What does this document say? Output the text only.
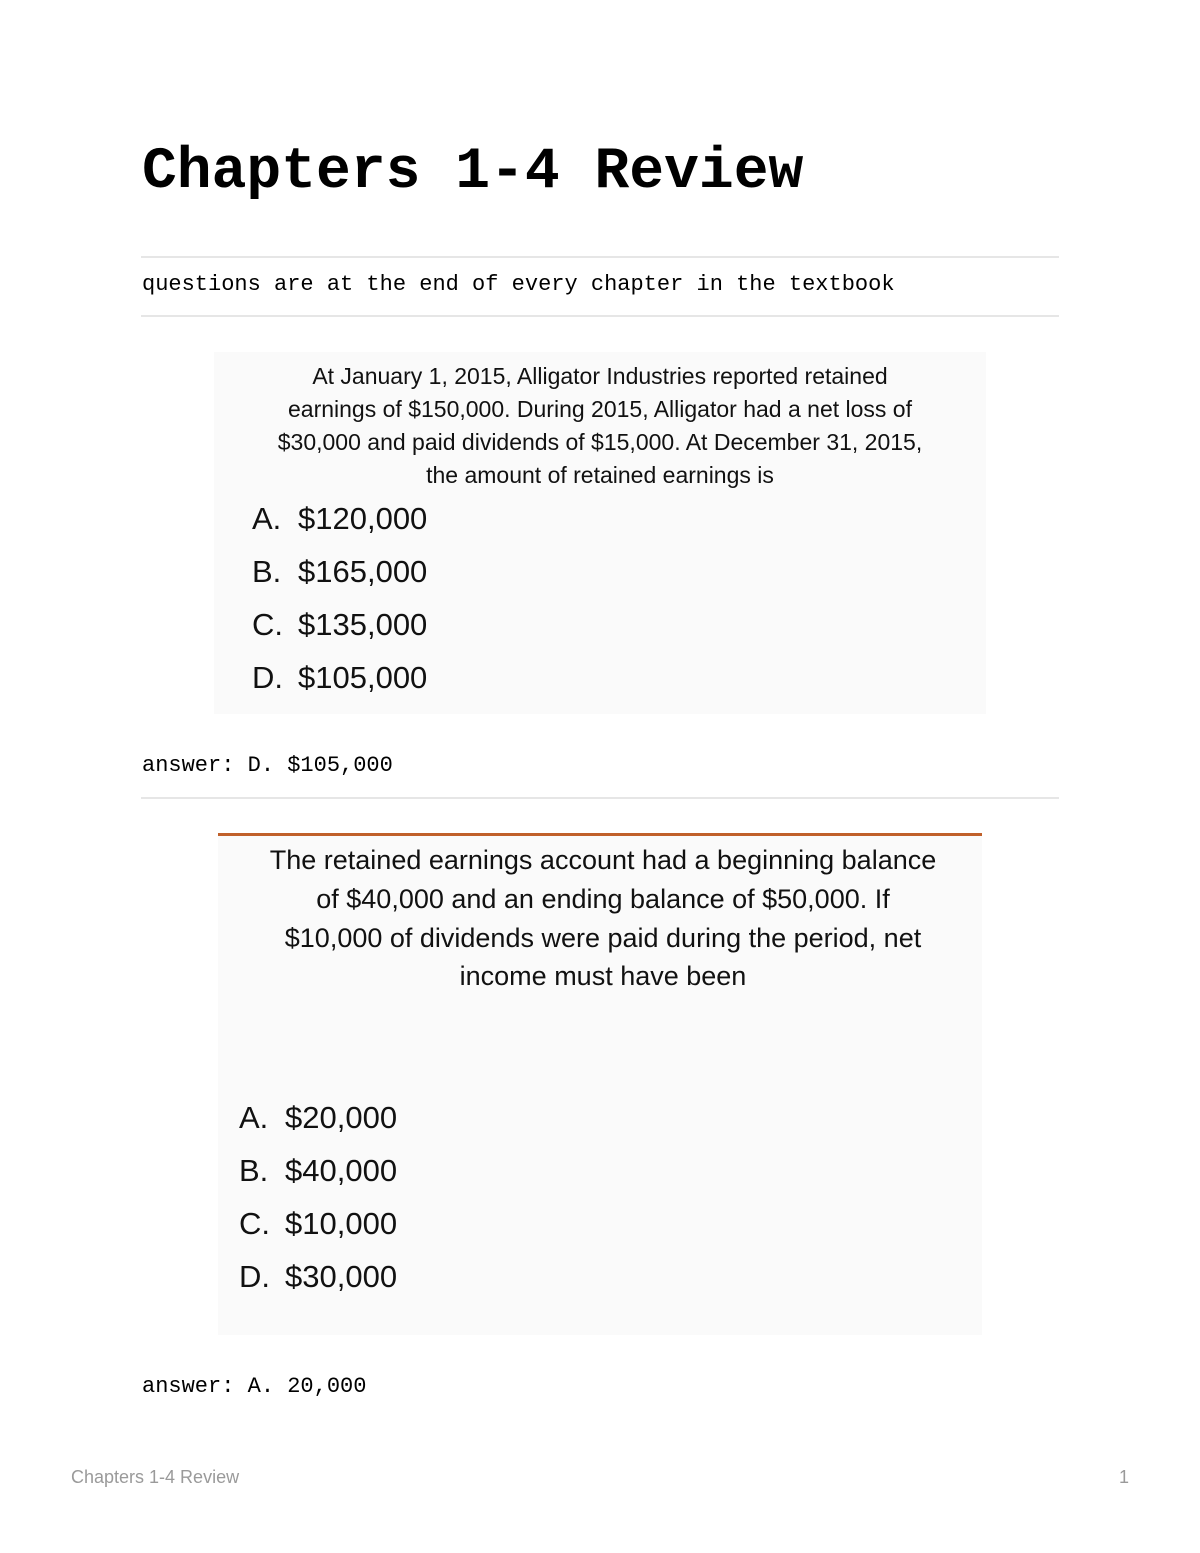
Chapters 1-4 Review

questions are at the end of every chapter in the textbook

At January 1, 2015, Alligator Industries reported retained

earnings of $150,000. During 2015, Alligator had a net loss of

$30,000 and paid dividends of $15,000. At December 31, 2015,

the amount of retained earnings is

A. $120,000

B. $165,000

C. $135,000

D. $105,000

answer: D. $105,000

The retained earnings account had a beginning balance

of $40,000 and an ending balance of $50,000. If

$10,000 of dividends were paid during the period, net

income must have been

A. $20,000

B. $40,000

C. $10,000

D. $30,000

answer: A. 20,000

Chapters 1-4 Review	1
